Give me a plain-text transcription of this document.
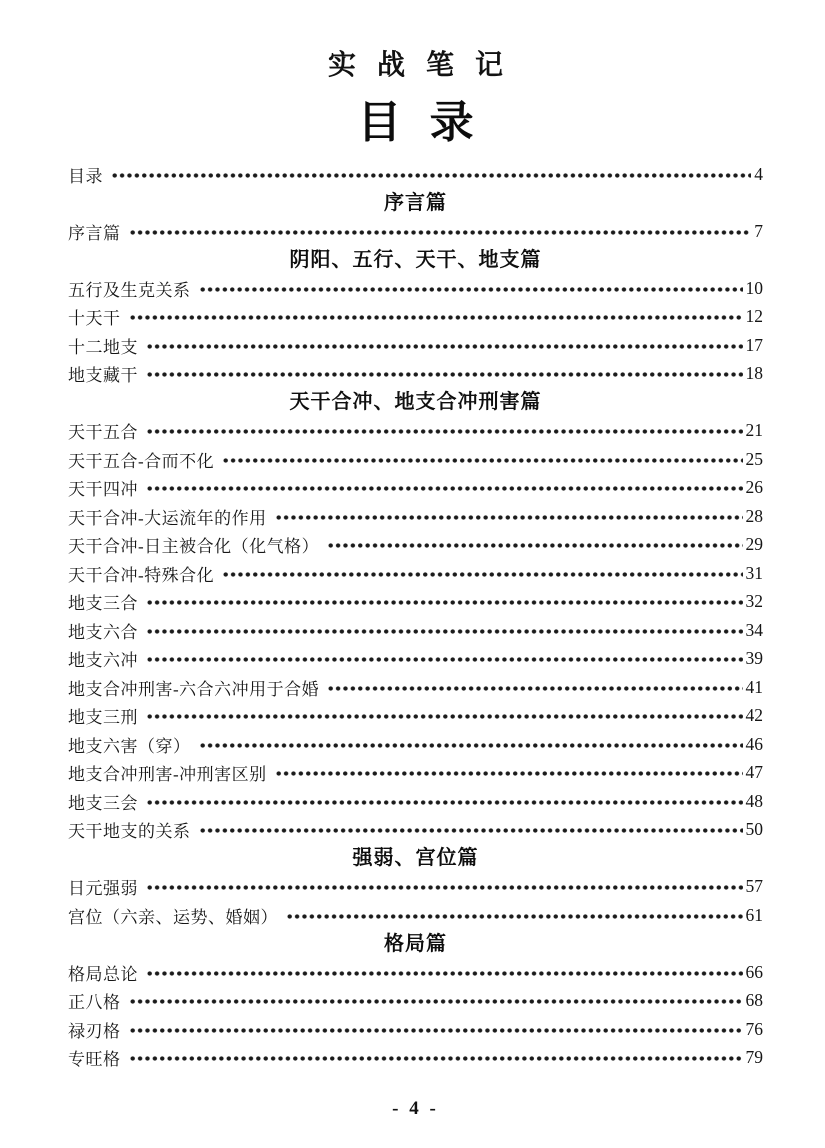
实战笔记
目 录
目录	4
序言篇
序言篇	7
阴阳、五行、天干、地支篇
五行及生克关系	10
十天干	12
十二地支	17
地支藏干	18
天干合冲、地支合冲刑害篇
天干五合	21
天干五合-合而不化	25
天干四冲	26
天干合冲-大运流年的作用	28
天干合冲-日主被合化（化气格）	29
天干合冲-特殊合化	31
地支三合	32
地支六合	34
地支六冲	39
地支合冲刑害-六合六冲用于合婚	41
地支三刑	42
地支六害（穿）	46
地支合冲刑害-冲刑害区别	47
地支三会	48
天干地支的关系	50
强弱、宫位篇
日元强弱	57
宫位（六亲、运势、婚姻）	61
格局篇
格局总论	66
正八格	68
禄刃格	76
专旺格	79
- 4 -
